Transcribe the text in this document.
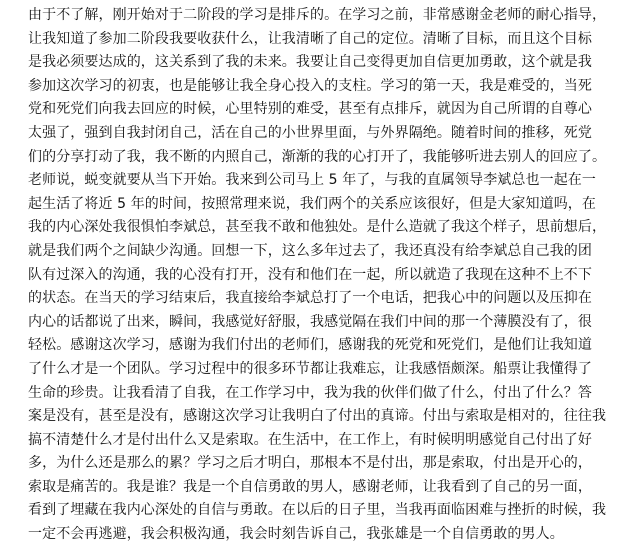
由于不了解，刚开始对于二阶段的学习是排斥的。在学习之前，非常感谢金老师的耐心指导，
让我知道了参加二阶段我要收获什么，让我清晰了自己的定位。清晰了目标，而且这个目标
是我必须要达成的，这关系到了我的未来。我要让自己变得更加自信更加勇敢，这个就是我
参加这次学习的初衷，也是能够让我全身心投入的支柱。学习的第一天，我是难受的，当死
党和死党们向我去回应的时候，心里特别的难受，甚至有点排斥，就因为自己所谓的自尊心
太强了，强到自我封闭自己，活在自己的小世界里面，与外界隔绝。随着时间的推移，死党
们的分享打动了我，我不断的内照自己，渐渐的我的心打开了，我能够听进去别人的回应了。
老师说，蜕变就要从当下开始。我来到公司马上 5 年了，与我的直属领导李斌总也一起在一
起生活了将近 5 年的时间，按照常理来说，我们两个的关系应该很好，但是大家知道吗，在
我的内心深处我很惧怕李斌总，甚至我不敢和他独处。是什么造就了我这个样子，思前想后，
就是我们两个之间缺少沟通。回想一下，这么多年过去了，我还真没有给李斌总自己我的团
队有过深入的沟通，我的心没有打开，没有和他们在一起，所以就造了我现在这种不上不下
的状态。在当天的学习结束后，我直接给李斌总打了一个电话，把我心中的问题以及压抑在
内心的话都说了出来，瞬间，我感觉好舒服，我感觉隔在我们中间的那一个薄膜没有了，很
轻松。感谢这次学习，感谢为我们付出的老师们，感谢我的死党和死党们，是他们让我知道
了什么才是一个团队。学习过程中的很多环节都让我难忘，让我感悟颇深。船票让我懂得了
生命的珍贵。让我看清了自我，在工作学习中，我为我的伙伴们做了什么，付出了什么？答
案是没有，甚至是没有，感谢这次学习让我明白了付出的真谛。付出与索取是相对的，往往我
搞不清楚什么才是付出什么又是索取。在生活中，在工作上，有时候明明感觉自己付出了好
多，为什么还是那么的累？学习之后才明白，那根本不是付出，那是索取，付出是开心的，
索取是痛苦的。我是谁？我是一个自信勇敢的男人，感谢老师，让我看到了自己的另一面，
看到了埋藏在我内心深处的自信与勇敢。在以后的日子里，当我再面临困难与挫折的时候，我
一定不会再逃避，我会积极沟通，我会时刻告诉自己，我张雄是一个自信勇敢的男人。
